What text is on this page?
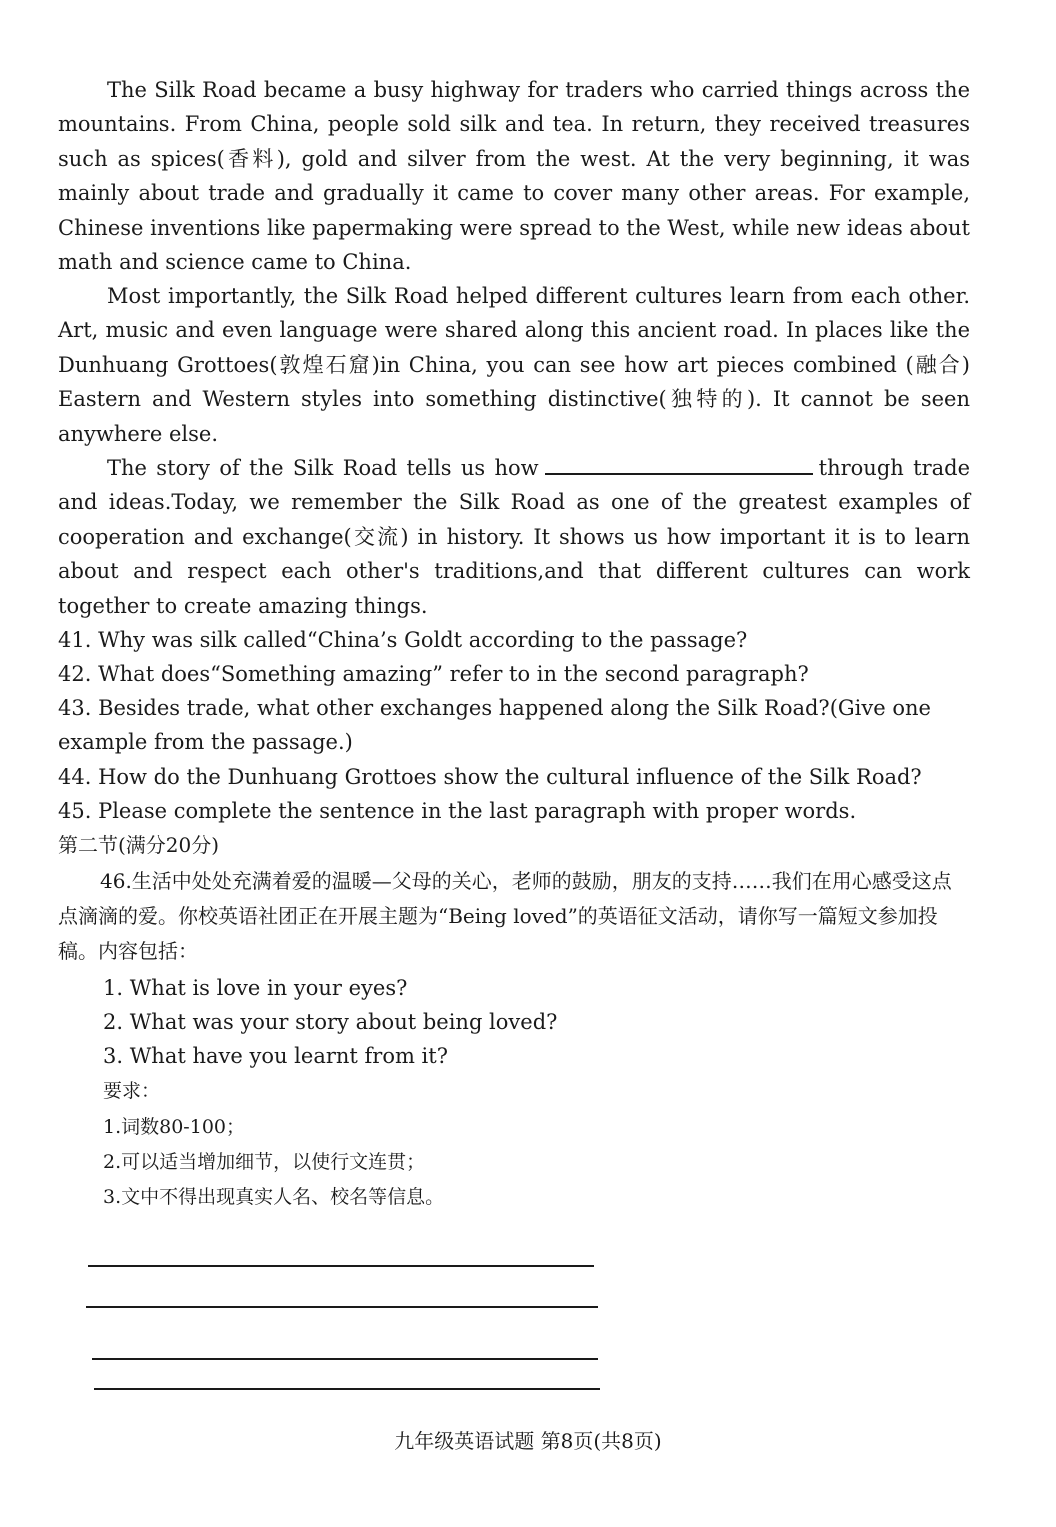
The Silk Road became a busy highway for traders who carried things across the mountains. From China, people sold silk and tea. In return, they received treasures such as spices(香料), gold and silver from the west. At the very beginning, it was mainly about trade and gradually it came to cover many other areas. For example, Chinese inventions like papermaking were spread to the West, while new ideas about math and science came to China.

Most importantly, the Silk Road helped different cultures learn from each other. Art, music and even language were shared along this ancient road. In places like the Dunhuang Grottoes(敦煌石窟)in China, you can see how art pieces combined (融合) Eastern and Western styles into something distinctive(独特的). It cannot be seen anywhere else.

The story of the Silk Road tells us how	through trade and ideas.Today, we remember the Silk Road as one of the greatest examples of cooperation and exchange(交流) in history. It shows us how important it is to learn about and respect each other's traditions,and that different cultures can work together to create amazing things.

41. Why was silk called“China’s Goldt according to the passage?

42. What does“Something amazing” refer to in the second paragraph?

43. Besides trade, what other exchanges happened along the Silk Road?(Give one example from the passage.)

44. How do the Dunhuang Grottoes show the cultural influence of the Silk Road?

45. Please complete the sentence in the last paragraph with proper words.

第二节(满分20分)

46.生活中处处充满着爱的温暖—父母的关心，老师的鼓励，朋友的支持……我们在用心感受这点点滴滴的爱。你校英语社团正在开展主题为“Being loved”的英语征文活动，请你写一篇短文参加投稿。内容包括：

1. What is love in your eyes?

2. What was your story about being loved?

3. What have you learnt from it?

要求：

1.词数80-100；

2.可以适当增加细节，以使行文连贯；

3.文中不得出现真实人名、校名等信息。

九年级英语试题 第8页(共8页)
